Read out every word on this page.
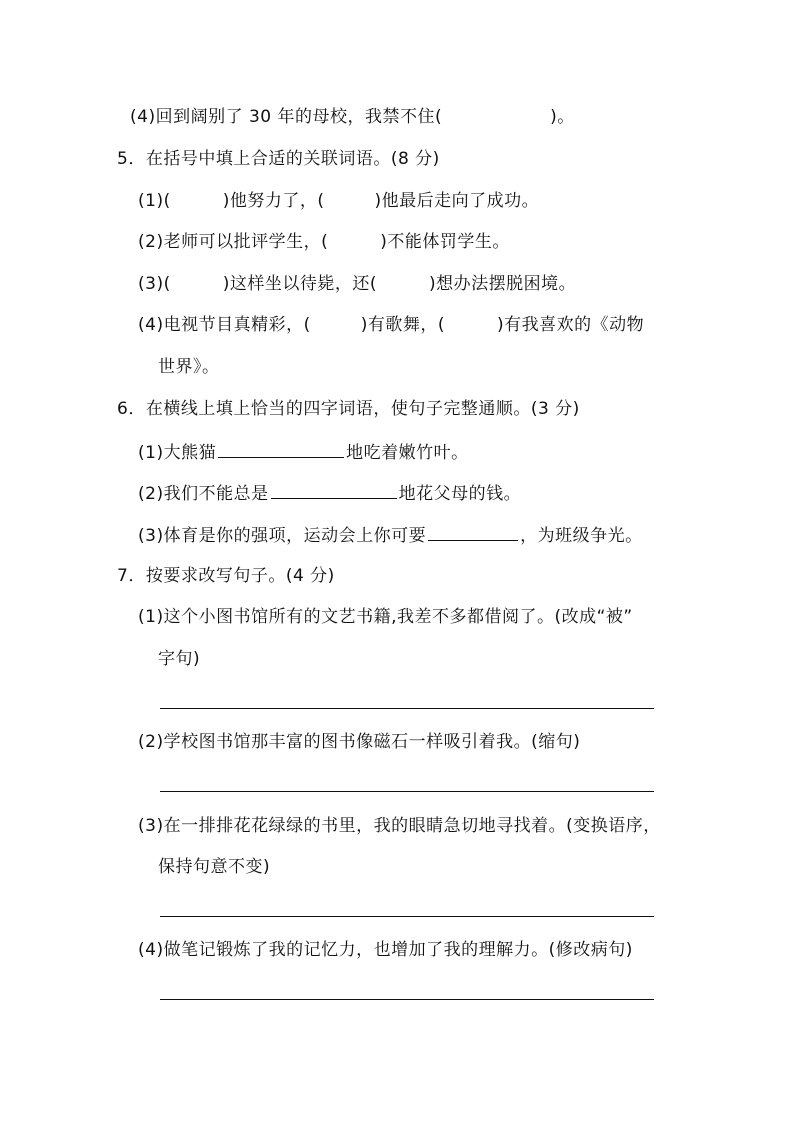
(4)回到阔别了 30 年的母校，我禁不住(	)。
5．在括号中填上合适的关联词语。(8 分)
(1)(	)他努力了，(	)他最后走向了成功。
(2)老师可以批评学生，(	)不能体罚学生。
(3)(	)这样坐以待毙，还(	)想办法摆脱困境。
(4)电视节目真精彩，(	)有歌舞，(	)有我喜欢的《动物
世界》。
6．在横线上填上恰当的四字词语，使句子完整通顺。(3 分)
(1)大熊猫	地吃着嫩竹叶。
(2)我们不能总是	地花父母的钱。
(3)体育是你的强项，运动会上你可要	，为班级争光。
7．按要求改写句子。(4 分)
(1)这个小图书馆所有的文艺书籍,我差不多都借阅了。(改成“被”
字句)
(2)学校图书馆那丰富的图书像磁石一样吸引着我。(缩句)
(3)在一排排花花绿绿的书里，我的眼睛急切地寻找着。(变换语序，
保持句意不变)
(4)做笔记锻炼了我的记忆力，也增加了我的理解力。(修改病句)
